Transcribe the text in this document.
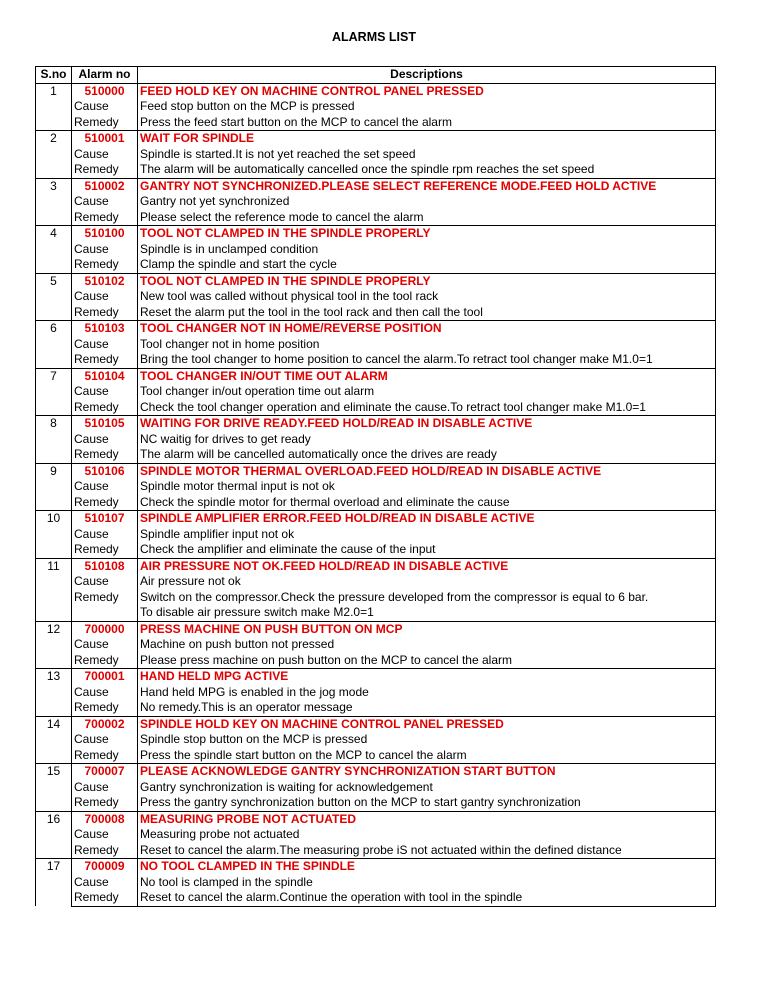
ALARMS LIST
S.no	Alarm no	Descriptions
1	510000	FEED HOLD KEY ON MACHINE CONTROL PANEL PRESSED
	Cause	Feed stop button on the MCP is pressed
	Remedy	Press the feed start button on the MCP to cancel the alarm
2	510001	WAIT FOR SPINDLE
	Cause	Spindle is started.It is not yet reached the set speed
	Remedy	The alarm will be automatically cancelled once the spindle rpm reaches the set speed
3	510002	GANTRY NOT SYNCHRONIZED.PLEASE SELECT REFERENCE MODE.FEED HOLD ACTIVE
	Cause	Gantry not yet synchronized
	Remedy	Please select the reference mode to cancel the alarm
4	510100	TOOL NOT CLAMPED IN THE SPINDLE PROPERLY
	Cause	Spindle is in unclamped condition
	Remedy	Clamp the spindle and start the cycle
5	510102	TOOL NOT CLAMPED IN THE SPINDLE PROPERLY
	Cause	New tool was called without physical tool in the tool rack
	Remedy	Reset the alarm put the tool in the tool rack and then call the tool
6	510103	TOOL CHANGER NOT IN HOME/REVERSE POSITION
	Cause	Tool changer not in home position
	Remedy	Bring the tool changer to home position to cancel the alarm.To retract tool changer make M1.0=1
7	510104	TOOL CHANGER IN/OUT TIME OUT ALARM
	Cause	Tool changer in/out operation time out alarm
	Remedy	Check the tool changer operation and eliminate the cause.To retract tool changer make M1.0=1
8	510105	WAITING FOR DRIVE READY.FEED HOLD/READ IN DISABLE ACTIVE
	Cause	NC waitig for drives to get ready
	Remedy	The alarm will be cancelled automatically once the drives are ready
9	510106	SPINDLE MOTOR THERMAL OVERLOAD.FEED HOLD/READ IN DISABLE ACTIVE
	Cause	Spindle motor thermal input is not ok
	Remedy	Check the spindle motor for thermal overload and eliminate the cause
10	510107	SPINDLE AMPLIFIER ERROR.FEED HOLD/READ IN DISABLE ACTIVE
	Cause	Spindle amplifier input not ok
	Remedy	Check the amplifier and eliminate the cause of the input
11	510108	AIR PRESSURE NOT OK.FEED HOLD/READ IN DISABLE ACTIVE
	Cause	Air pressure not ok
	Remedy	Switch on the compressor.Check the pressure developed from the compressor is equal to 6 bar.
		To disable air pressure switch make M2.0=1
12	700000	PRESS MACHINE ON PUSH BUTTON ON MCP
	Cause	Machine on push button not pressed
	Remedy	Please press machine on push button on the MCP to cancel the alarm
13	700001	HAND HELD MPG ACTIVE
	Cause	Hand held MPG is enabled in the jog mode
	Remedy	No remedy.This is an operator message
14	700002	SPINDLE HOLD KEY ON MACHINE CONTROL PANEL PRESSED
	Cause	Spindle stop button on the MCP is pressed
	Remedy	Press the spindle start button on the MCP to cancel the alarm
15	700007	PLEASE ACKNOWLEDGE GANTRY SYNCHRONIZATION START BUTTON
	Cause	Gantry synchronization is waiting for acknowledgement
	Remedy	Press the gantry synchronization button on the MCP to start gantry synchronization
16	700008	MEASURING PROBE NOT ACTUATED
	Cause	Measuring probe not actuated
	Remedy	Reset to cancel the alarm.The measuring probe iS not actuated within the defined distance
17	700009	NO TOOL CLAMPED IN THE SPINDLE
	Cause	No tool is clamped in the spindle
	Remedy	Reset to cancel the alarm.Continue the operation with tool in the spindle
